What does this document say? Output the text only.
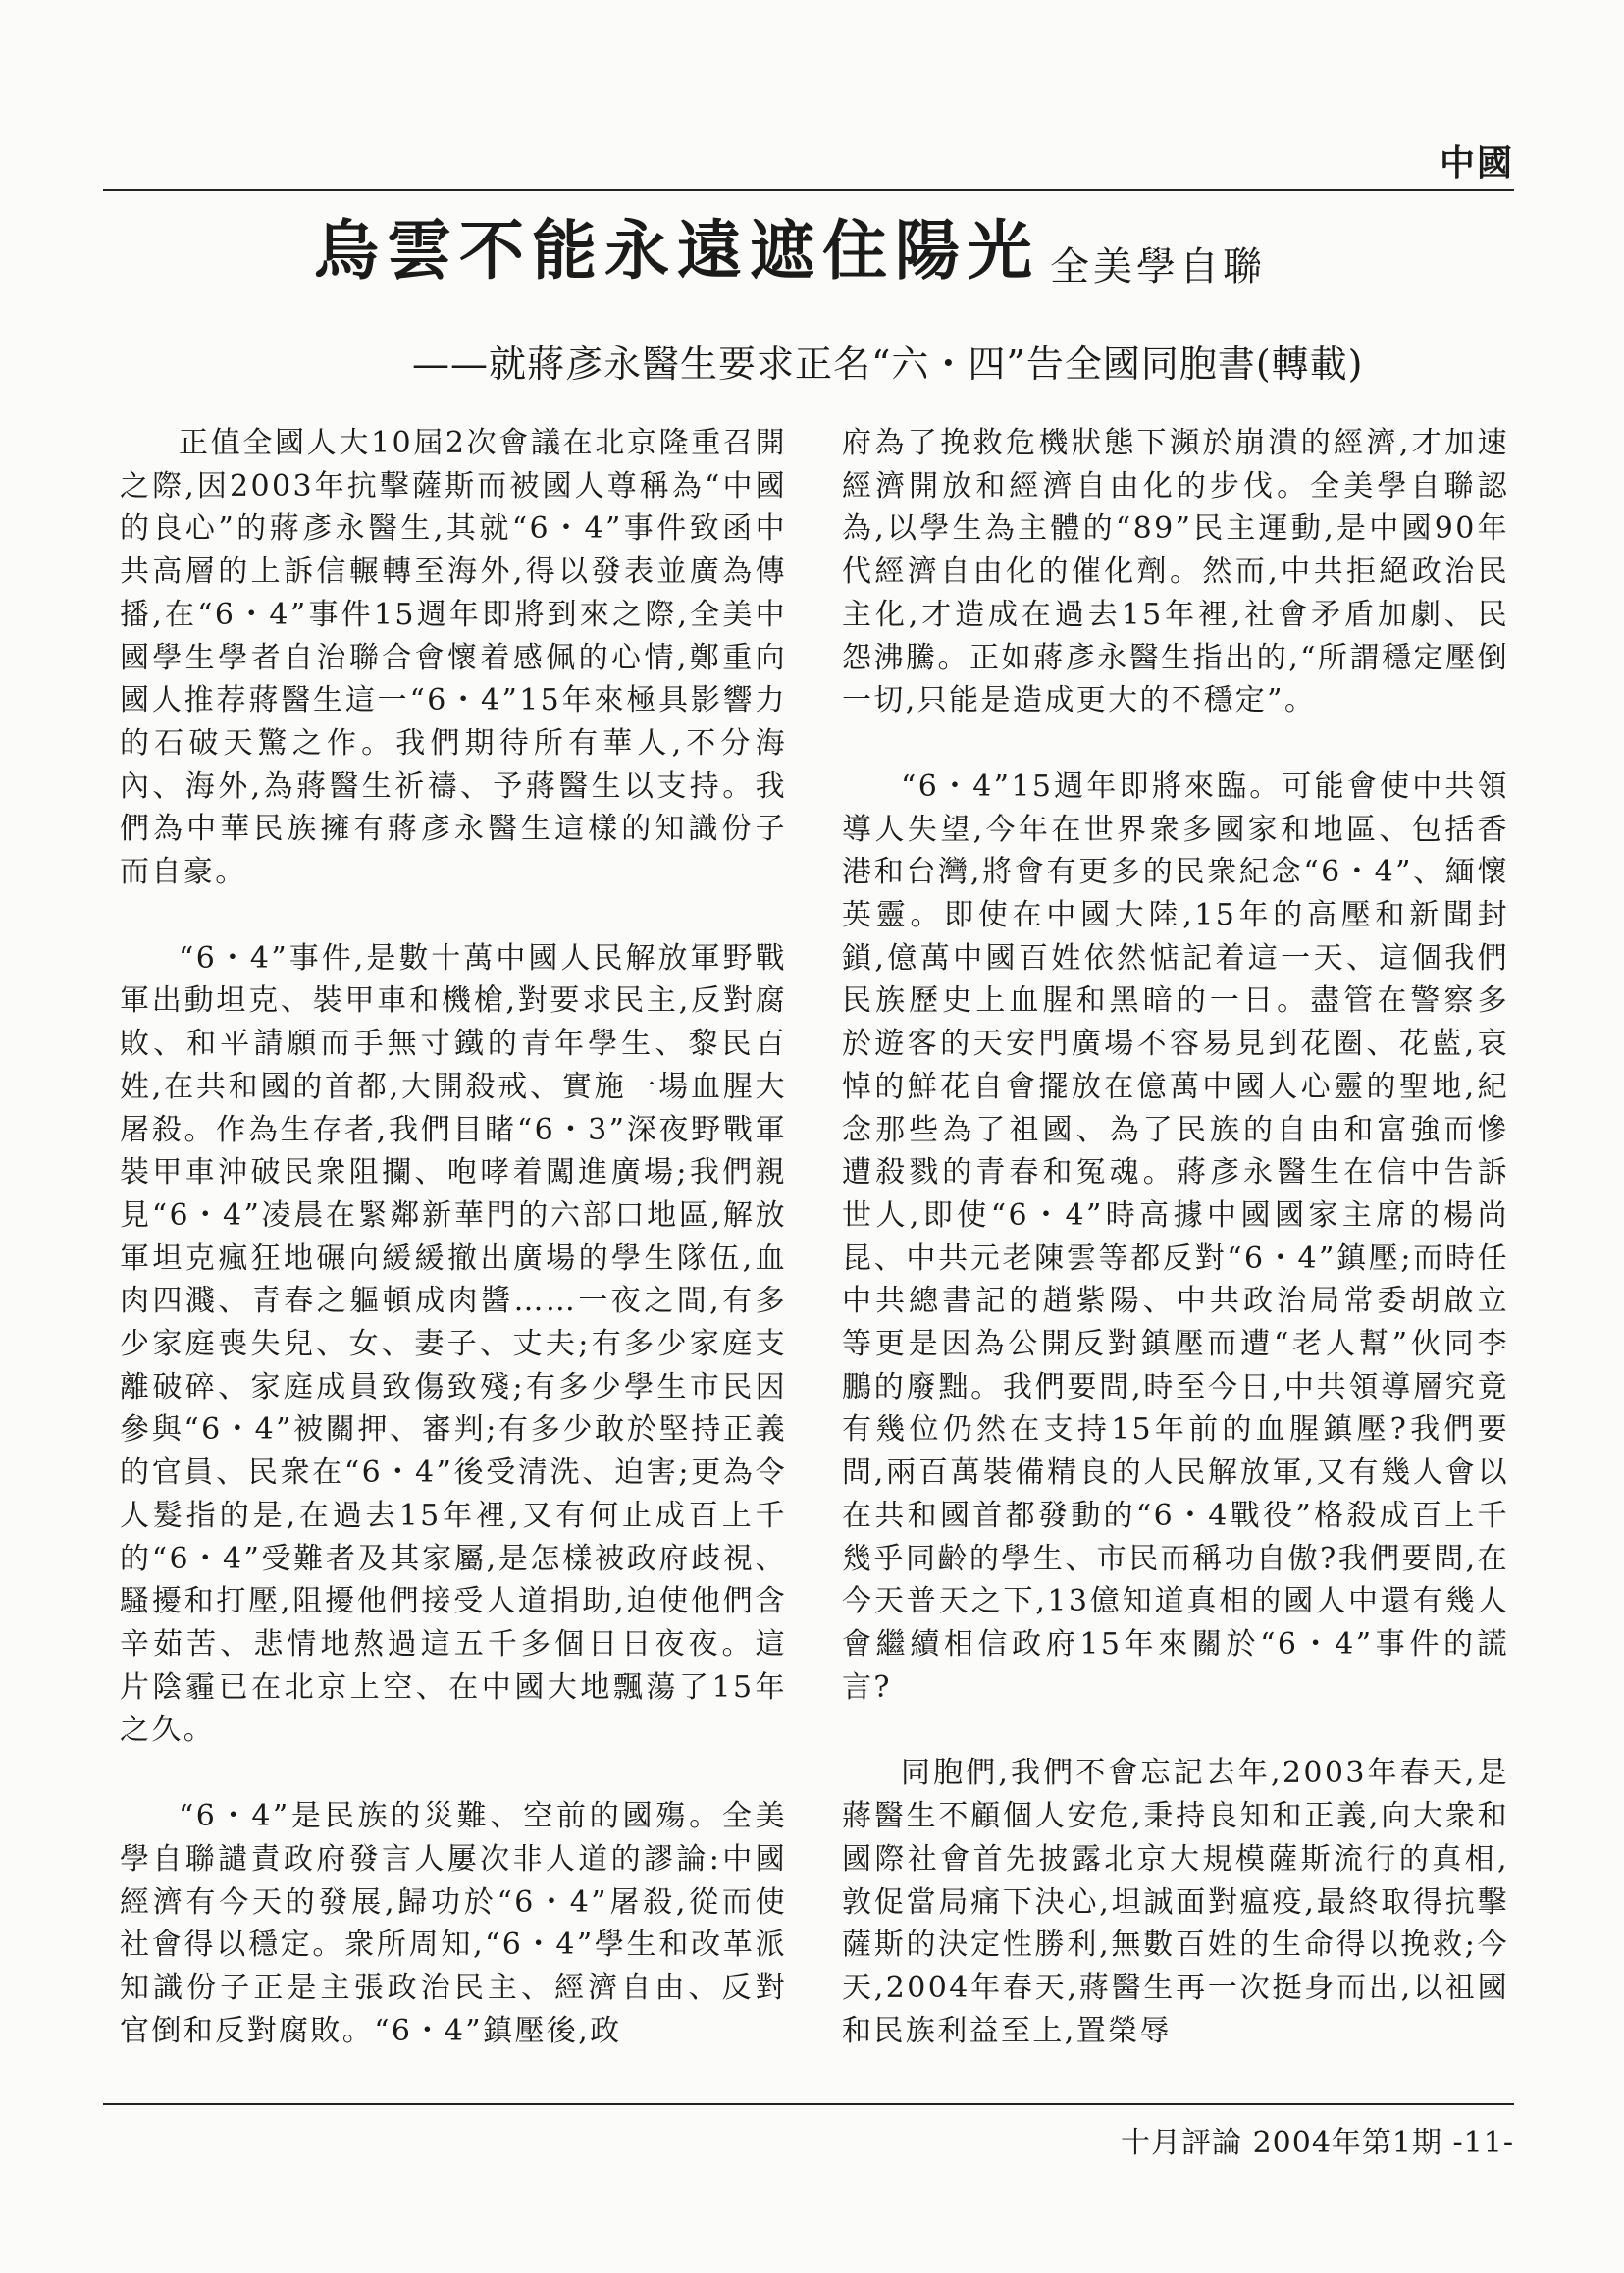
中國
烏雲不能永遠遮住陽光 全美學自聯
——就蔣彥永醫生要求正名“六・四”告全國同胞書(轉載)

正值全國人大10屆2次會議在北京隆重召開之際,因2003年抗擊薩斯而被國人尊稱為“中國的良心”的蔣彥永醫生,其就“6・4”事件致函中共高層的上訴信輾轉至海外,得以發表並廣為傳播,在“6・4”事件15週年即將到來之際,全美中國學生學者自治聯合會懷着感佩的心情,鄭重向國人推荐蔣醫生這一“6・4”15年來極具影響力的石破天驚之作。我們期待所有華人,不分海內、海外,為蔣醫生祈禱、予蔣醫生以支持。我們為中華民族擁有蔣彥永醫生這樣的知識份子而自豪。

“6・4”事件,是數十萬中國人民解放軍野戰軍出動坦克、裝甲車和機槍,對要求民主,反對腐敗、和平請願而手無寸鐵的青年學生、黎民百姓,在共和國的首都,大開殺戒、實施一場血腥大屠殺。作為生存者,我們目睹“6・3”深夜野戰軍裝甲車沖破民衆阻攔、咆哮着闖進廣場;我們親見“6・4”凌晨在緊鄰新華門的六部口地區,解放軍坦克瘋狂地碾向緩緩撤出廣場的學生隊伍,血肉四濺、青春之軀頓成肉醬……一夜之間,有多少家庭喪失兒、女、妻子、丈夫;有多少家庭支離破碎、家庭成員致傷致殘;有多少學生市民因參與“6・4”被關押、審判;有多少敢於堅持正義的官員、民衆在“6・4”後受清洗、迫害;更為令人髮指的是,在過去15年裡,又有何止成百上千的“6・4”受難者及其家屬,是怎樣被政府歧視、騷擾和打壓,阻擾他們接受人道捐助,迫使他們含辛茹苦、悲情地熬過這五千多個日日夜夜。這片陰霾已在北京上空、在中國大地飄蕩了15年之久。

“6・4”是民族的災難、空前的國殤。全美學自聯譴責政府發言人屢次非人道的謬論:中國經濟有今天的發展,歸功於“6・4”屠殺,從而使社會得以穩定。衆所周知,“6・4”學生和改革派知識份子正是主張政治民主、經濟自由、反對官倒和反對腐敗。“6・4”鎮壓後,政

府為了挽救危機狀態下瀕於崩潰的經濟,才加速經濟開放和經濟自由化的步伐。全美學自聯認為,以學生為主體的“89”民主運動,是中國90年代經濟自由化的催化劑。然而,中共拒絕政治民主化,才造成在過去15年裡,社會矛盾加劇、民怨沸騰。正如蔣彥永醫生指出的,“所謂穩定壓倒一切,只能是造成更大的不穩定”。

“6・4”15週年即將來臨。可能會使中共領導人失望,今年在世界衆多國家和地區、包括香港和台灣,將會有更多的民衆紀念“6・4”、緬懷英靈。即使在中國大陸,15年的高壓和新聞封鎖,億萬中國百姓依然惦記着這一天、這個我們民族歷史上血腥和黑暗的一日。盡管在警察多於遊客的天安門廣場不容易見到花圈、花藍,哀悼的鮮花自會擺放在億萬中國人心靈的聖地,紀念那些為了祖國、為了民族的自由和富強而慘遭殺戮的青春和冤魂。蔣彥永醫生在信中告訴世人,即使“6・4”時高據中國國家主席的楊尚昆、中共元老陳雲等都反對“6・4”鎮壓;而時任中共總書記的趙紫陽、中共政治局常委胡啟立等更是因為公開反對鎮壓而遭“老人幫”伙同李鵬的廢黜。我們要問,時至今日,中共領導層究竟有幾位仍然在支持15年前的血腥鎮壓?我們要問,兩百萬裝備精良的人民解放軍,又有幾人會以在共和國首都發動的“6・4戰役”格殺成百上千幾乎同齡的學生、市民而稱功自傲?我們要問,在今天普天之下,13億知道真相的國人中還有幾人會繼續相信政府15年來關於“6・4”事件的謊言?

同胞們,我們不會忘記去年,2003年春天,是蔣醫生不顧個人安危,秉持良知和正義,向大衆和國際社會首先披露北京大規模薩斯流行的真相,敦促當局痛下決心,坦誠面對瘟疫,最終取得抗擊薩斯的決定性勝利,無數百姓的生命得以挽救;今天,2004年春天,蔣醫生再一次挺身而出,以祖國和民族利益至上,置榮辱

十月評論 2004年第1期 -11-
